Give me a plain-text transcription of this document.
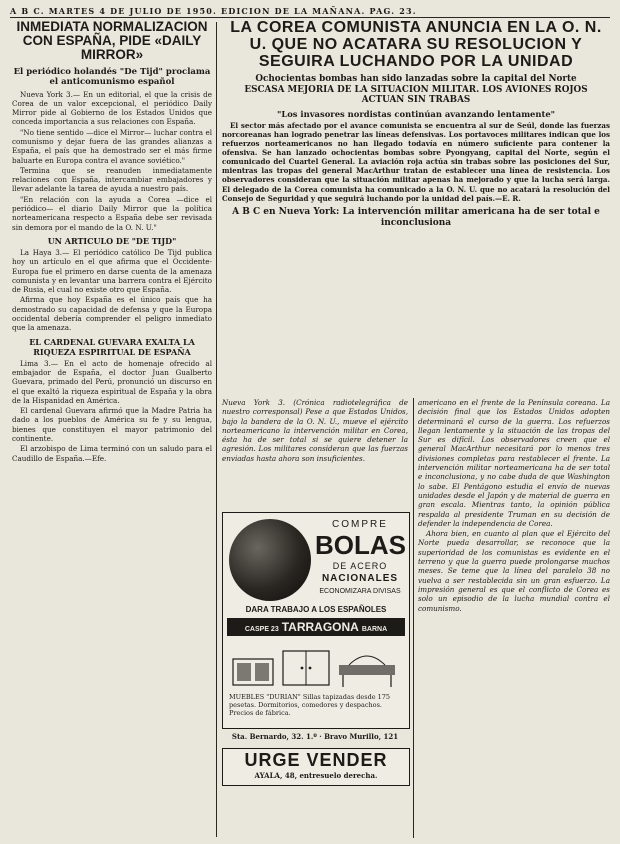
A B C. MARTES 4 DE JULIO DE 1950. EDICION DE LA MAÑANA. PAG. 23.
INMEDIATA NORMALIZACION CON ESPAÑA, PIDE «DAILY MIRROR»
El periódico holandés "De Tijd" proclama el anticomunismo español

Nueva York 3.— En un editorial, el que la crisis de Corea de un valor excepcional, el periódico Daily Mirror pide al Gobierno de los Estados Unidos que conceda importancia a sus relaciones con España.

"No tiene sentido —dice el Mirror— luchar contra el comunismo y dejar fuera de las grandes alianzas a España, el país que ha demostrado ser el más firme baluarte en Europa contra el avance soviético."

Termina que se reanuden inmediatamente relaciones con España, intercambiar embajadores y llevar adelante la tarea de ayuda a nuestro país.

"En relación con la ayuda a Corea —dice el periódico— el diario Daily Mirror que la política norteamericana respecto a España debe ser revisada sin demora por el mando de la O. N. U."

UN ARTICULO DE "DE TIJD"

La Haya 3.— El periódico católico De Tijd publica hoy un artículo en el que afirma que el Occidente-Europa fue el primero en darse cuenta de la amenaza comunista y en levantar una barrera contra el Ejército de Rusia, el cual no existe otro que España.

Afirma que hoy España es el único país que ha demostrado su capacidad de defensa y que la Europa occidental debería comprender el peligro inmediato que la amenaza.

EL CARDENAL GUEVARA EXALTA LA RIQUEZA ESPIRITUAL DE ESPAÑA

Lima 3.— En el acto de homenaje ofrecido al embajador de España, el doctor Juan Gualberto Guevara, primado del Perú, pronunció un discurso en el que exaltó la riqueza espiritual de España y la obra de la Hispanidad en América.

El cardenal Guevara afirmó que la Madre Patria ha dado a los pueblos de América su fe y su lengua, bienes que constituyen el mayor patrimonio del continente.

El arzobispo de Lima terminó con un saludo para el Caudillo de España.—Efe.

LA COREA COMUNISTA ANUNCIA EN LA O. N. U. QUE NO ACATARA SU RESOLUCION Y SEGUIRA LUCHANDO POR LA UNIDAD
Ochocientas bombas han sido lanzadas sobre la capital del Norte
ESCASA MEJORIA DE LA SITUACION MILITAR. LOS AVIONES ROJOS ACTUAN SIN TRABAS
"Los invasores nordistas continúan avanzando lentamente"

El sector más afectado por el avance comunista se encuentra al sur de Seúl, donde las fuerzas norcoreanas han logrado penetrar las líneas defensivas. Los portavoces militares indican que los refuerzos norteamericanos no han llegado todavía en número suficiente para contener la ofensiva. Se han lanzado ochocientas bombas sobre Pyongyang, capital del Norte, según el comunicado del Cuartel General. La aviación roja actúa sin trabas sobre las posiciones del Sur, mientras las tropas del general MacArthur tratan de establecer una línea de resistencia. Los observadores consideran que la situación militar apenas ha mejorado y que la lucha será larga. El delegado de la Corea comunista ha comunicado a la O. N. U. que no acatará la resolución del Consejo de Seguridad y que seguirá luchando por la unidad del país.—E. R.

A B C en Nueva York: La intervención militar americana ha de ser total e inconclusiona

Nueva York 3. (Crónica radiotelegráfica de nuestro corresponsal) Pese a que Estados Unidos, bajo la bandera de la O. N. U., mueve el ejército norteamericano la intervención militar en Corea, ésta ha de ser total si se quiere detener la agresión. Los militares consideran que las fuerzas enviadas hasta ahora son insuficientes.

americano en el frente de la Península coreana. La decisión final que los Estados Unidos adopten determinará el curso de la guerra. Los refuerzos llegan lentamente y la situación de las tropas del Sur es difícil. Los observadores creen que el general MacArthur necesitará por lo menos tres divisiones completas para restablecer el frente. La intervención militar norteamericana ha de ser total e inconclusiona, y no cabe duda de que Washington lo sabe. El Pentágono estudia el envío de nuevas unidades desde el Japón y de material de guerra en gran escala. Mientras tanto, la opinión pública respalda al presidente Truman en su decisión de defender la independencia de Corea.

Ahora bien, en cuanto al plan que el Ejército del Norte pueda desarrollar, se reconoce que la superioridad de los comunistas es evidente en el terreno y que la guerra puede prolongarse muchos meses. Se teme que la línea del paralelo 38 no vuelva a ser restablecida sin un gran esfuerzo. La impresión general es que el conflicto de Corea es solo un episodio de la lucha mundial contra el comunismo.

COMPRE
BOLAS
DE ACERO
NACIONALES
ECONOMIZARA DIVISAS
DARA TRABAJO A LOS ESPAÑOLES
CASPE 23 TARRAGONA BARNA
MUEBLES "DURIAN" Sillas tapizadas desde 175 pesetas. Dormitorios, comedores y despachos. Precios de fábrica.
Sta. Bernardo, 32. 1.º · Bravo Murillo, 121
URGE VENDER
AYALA, 48, entresuelo derecha.
